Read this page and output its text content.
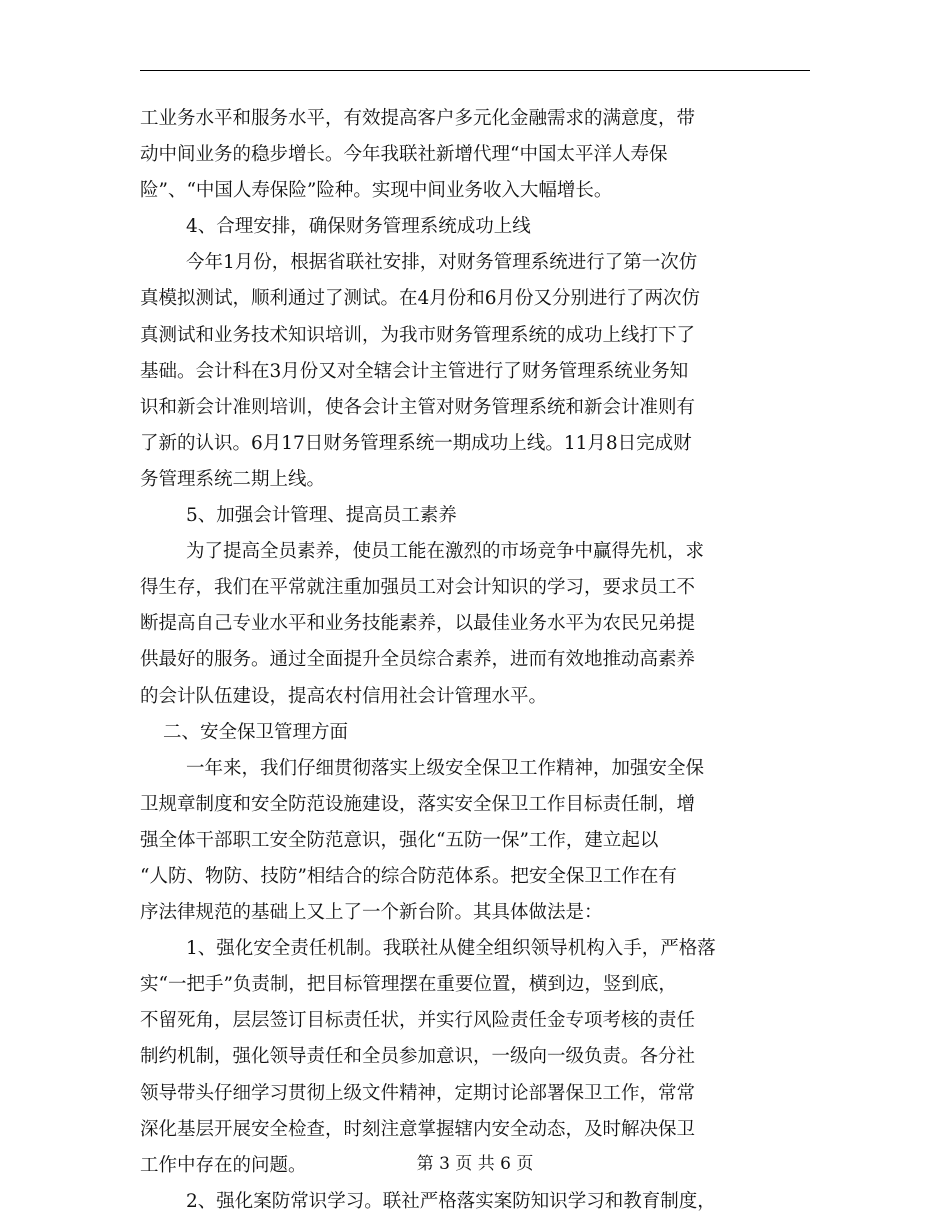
工业务水平和服务水平，有效提高客户多元化金融需求的满意度，带
动中间业务的稳步增长。今年我联社新增代理“中国太平洋人寿保
险”、“中国人寿保险”险种。实现中间业务收入大幅增长。
4、合理安排，确保财务管理系统成功上线
今年1月份，根据省联社安排，对财务管理系统进行了第一次仿
真模拟测试，顺利通过了测试。在4月份和6月份又分别进行了两次仿
真测试和业务技术知识培训，为我市财务管理系统的成功上线打下了
基础。会计科在3月份又对全辖会计主管进行了财务管理系统业务知
识和新会计准则培训，使各会计主管对财务管理系统和新会计准则有
了新的认识。6月17日财务管理系统一期成功上线。11月8日完成财
务管理系统二期上线。
5、加强会计管理、提高员工素养
为了提高全员素养，使员工能在激烈的市场竞争中赢得先机，求
得生存，我们在平常就注重加强员工对会计知识的学习，要求员工不
断提高自己专业水平和业务技能素养，以最佳业务水平为农民兄弟提
供最好的服务。通过全面提升全员综合素养，进而有效地推动高素养
的会计队伍建设，提高农村信用社会计管理水平。
二、安全保卫管理方面
一年来，我们仔细贯彻落实上级安全保卫工作精神，加强安全保
卫规章制度和安全防范设施建设，落实安全保卫工作目标责任制，增
强全体干部职工安全防范意识，强化“五防一保”工作，建立起以
“人防、物防、技防”相结合的综合防范体系。把安全保卫工作在有
序法律规范的基础上又上了一个新台阶。其具体做法是：
1、强化安全责任机制。我联社从健全组织领导机构入手，严格落
实“一把手”负责制，把目标管理摆在重要位置，横到边，竖到底，
不留死角，层层签订目标责任状，并实行风险责任金专项考核的责任
制约机制，强化领导责任和全员参加意识，一级向一级负责。各分社
领导带头仔细学习贯彻上级文件精神，定期讨论部署保卫工作，常常
深化基层开展安全检查，时刻注意掌握辖内安全动态，及时解决保卫
工作中存在的问题。
2、强化案防常识学习。联社严格落实案防知识学习和教育制度，
第 3 页 共 6 页
